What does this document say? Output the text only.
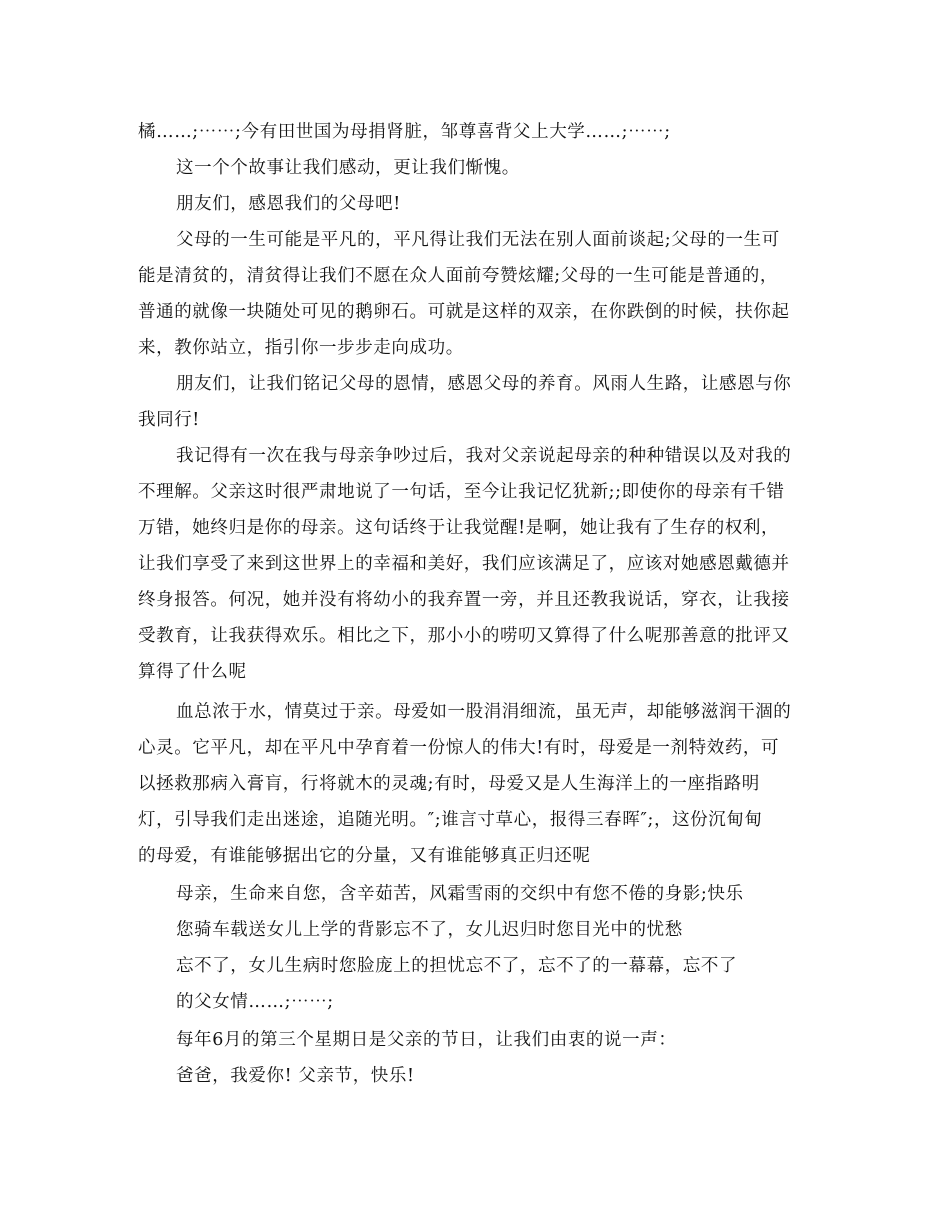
橘……;⋯⋯;今有田世国为母捐肾脏，邹尊喜背父上大学……;⋯⋯;
这一个个故事让我们感动，更让我们惭愧。
朋友们，感恩我们的父母吧!
父母的一生可能是平凡的，平凡得让我们无法在别人面前谈起;父母的一生可
能是清贫的，清贫得让我们不愿在众人面前夸赞炫耀;父母的一生可能是普通的，
普通的就像一块随处可见的鹅卵石。可就是这样的双亲，在你跌倒的时候，扶你起
来，教你站立，指引你一步步走向成功。
朋友们，让我们铭记父母的恩情，感恩父母的养育。风雨人生路，让感恩与你
我同行!
我记得有一次在我与母亲争吵过后，我对父亲说起母亲的种种错误以及对我的
不理解。父亲这时很严肃地说了一句话，至今让我记忆犹新;;即使你的母亲有千错
万错，她终归是你的母亲。这句话终于让我觉醒!是啊，她让我有了生存的权利，
让我们享受了来到这世界上的幸福和美好，我们应该满足了，应该对她感恩戴德并
终身报答。何况，她并没有将幼小的我弃置一旁，并且还教我说话，穿衣，让我接
受教育，让我获得欢乐。相比之下，那小小的唠叨又算得了什么呢那善意的批评又
算得了什么呢
血总浓于水，情莫过于亲。母爱如一股涓涓细流，虽无声，却能够滋润干涸的
心灵。它平凡，却在平凡中孕育着一份惊人的伟大!有时，母爱是一剂特效药，可
以拯救那病入膏肓，行将就木的灵魂;有时，母爱又是人生海洋上的一座指路明
灯，引导我们走出迷途，追随光明。″;谁言寸草心，报得三春晖″;，这份沉甸甸
的母爱，有谁能够据出它的分量，又有谁能够真正归还呢
母亲，生命来自您，含辛茹苦，风霜雪雨的交织中有您不倦的身影;快乐
您骑车载送女儿上学的背影忘不了，女儿迟归时您目光中的忧愁
忘不了，女儿生病时您脸庞上的担忧忘不了，忘不了的一幕幕，忘不了
的父女情……;⋯⋯;
每年6月的第三个星期日是父亲的节日，让我们由衷的说一声：
爸爸，我爱你! 父亲节，快乐!
